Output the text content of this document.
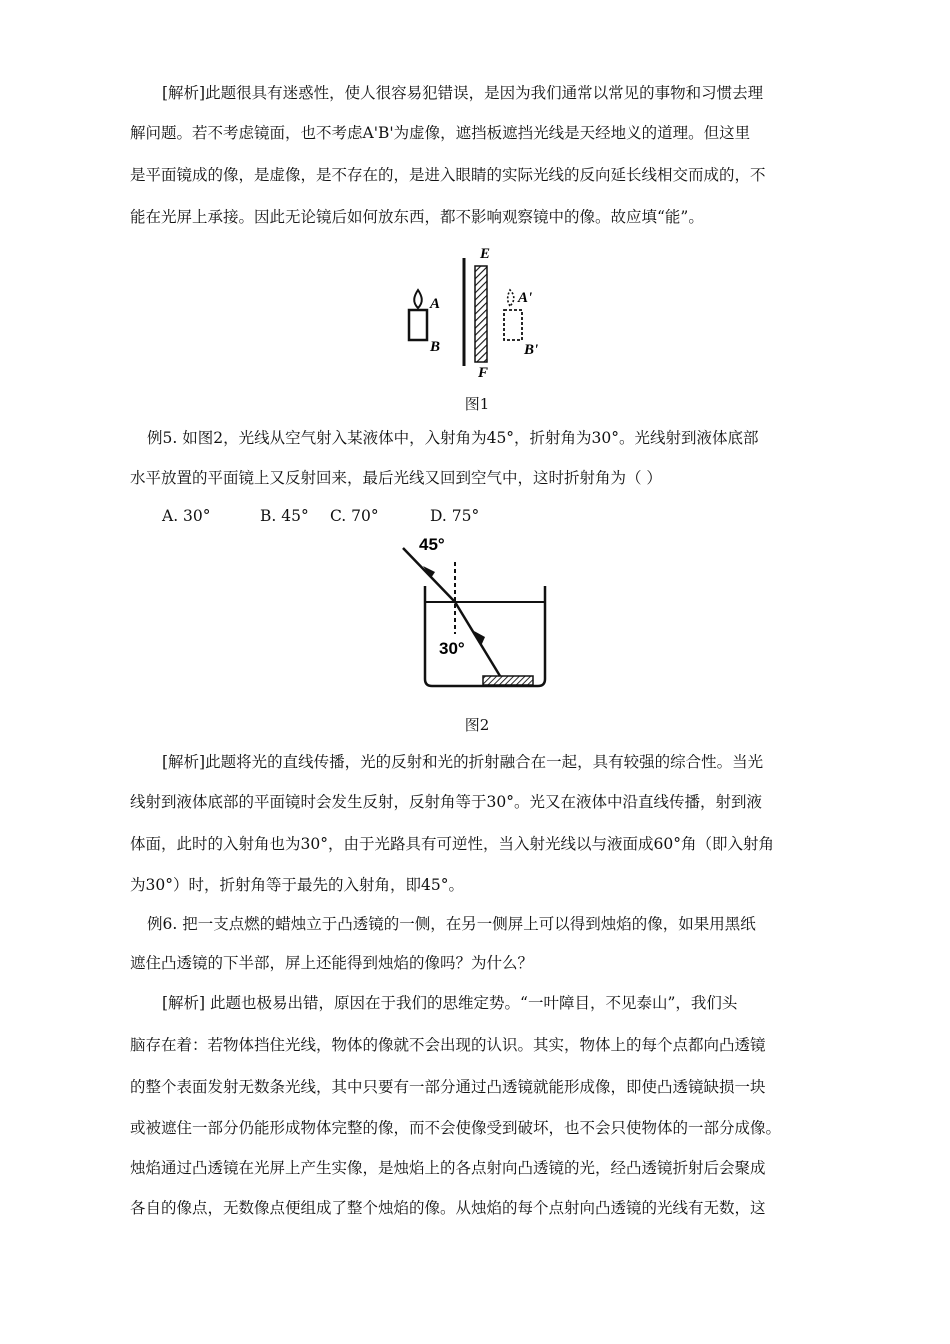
[解析]此题很具有迷惑性，使人很容易犯错误，是因为我们通常以常见的事物和习惯去理
解问题。若不考虑镜面，也不考虑A'B'为虚像，遮挡板遮挡光线是天经地义的道理。但这里
是平面镜成的像，是虚像，是不存在的，是进入眼睛的实际光线的反向延长线相交而成的，不
能在光屏上承接。因此无论镜后如何放东西，都不影响观察镜中的像。故应填“能”。
A
B
E
F
A'
B'
图1
例5. 如图2，光线从空气射入某液体中，入射角为45°，折射角为30°。光线射到液体底部
水平放置的平面镜上又反射回来，最后光线又回到空气中，这时折射角为（ ）
A. 30°	B. 45° C. 70°	D. 75°
45°
30°
图2
[解析]此题将光的直线传播，光的反射和光的折射融合在一起，具有较强的综合性。当光
线射到液体底部的平面镜时会发生反射，反射角等于30°。光又在液体中沿直线传播，射到液
体面，此时的入射角也为30°，由于光路具有可逆性，当入射光线以与液面成60°角（即入射角
为30°）时，折射角等于最先的入射角，即45°。
例6. 把一支点燃的蜡烛立于凸透镜的一侧，在另一侧屏上可以得到烛焰的像，如果用黑纸
遮住凸透镜的下半部，屏上还能得到烛焰的像吗？为什么？
[解析] 此题也极易出错，原因在于我们的思维定势。“一叶障目，不见泰山”，我们头
脑存在着：若物体挡住光线，物体的像就不会出现的认识。其实，物体上的每个点都向凸透镜
的整个表面发射无数条光线，其中只要有一部分通过凸透镜就能形成像，即使凸透镜缺损一块
或被遮住一部分仍能形成物体完整的像，而不会使像受到破坏，也不会只使物体的一部分成像。
烛焰通过凸透镜在光屏上产生实像，是烛焰上的各点射向凸透镜的光，经凸透镜折射后会聚成
各自的像点，无数像点便组成了整个烛焰的像。从烛焰的每个点射向凸透镜的光线有无数，这
